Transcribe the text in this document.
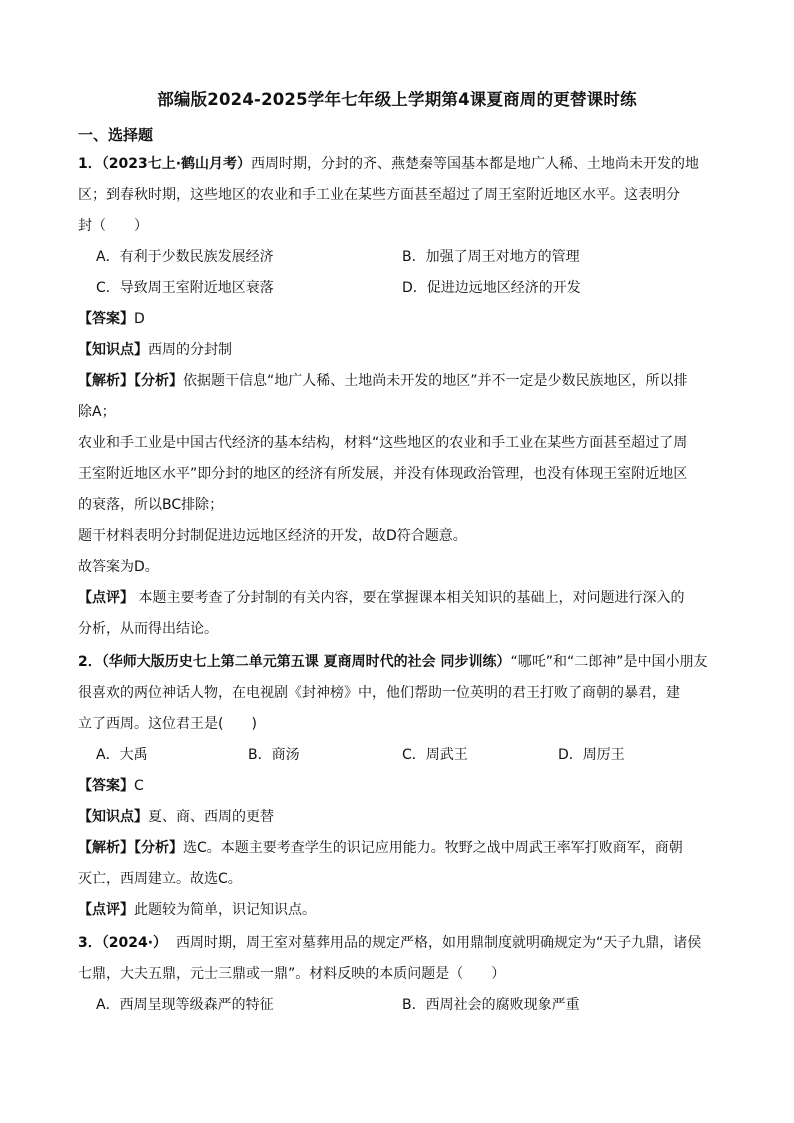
部编版2024-2025学年七年级上学期第4课夏商周的更替课时练
一、选择题
1．（2023七上·鹤山月考）西周时期，分封的齐、燕楚秦等国基本都是地广人稀、土地尚未开发的地
区；到春秋时期，这些地区的农业和手工业在某些方面甚至超过了周王室附近地区水平。这表明分
封（　　）
A．有利于少数民族发展经济	B．加强了周王对地方的管理
C．导致周王室附近地区衰落	D．促进边远地区经济的开发
【答案】D
【知识点】西周的分封制
【解析】【分析】依据题干信息“地广人稀、土地尚未开发的地区”并不一定是少数民族地区，所以排
除A；
农业和手工业是中国古代经济的基本结构，材料“这些地区的农业和手工业在某些方面甚至超过了周
王室附近地区水平”即分封的地区的经济有所发展，并没有体现政治管理，也没有体现王室附近地区
的衰落，所以BC排除；
题干材料表明分封制促进边远地区经济的开发，故D符合题意。
故答案为D。
【点评】 本题主要考查了分封制的有关内容，要在掌握课本相关知识的基础上，对问题进行深入的
分析，从而得出结论。
2．（华师大版历史七上第二单元第五课 夏商周时代的社会 同步训练）“哪吒”和“二郎神”是中国小朋友
很喜欢的两位神话人物，在电视剧《封神榜》中，他们帮助一位英明的君王打败了商朝的暴君，建
立了西周。这位君王是(　　)
A．大禹	B．商汤	C．周武王	D．周厉王
【答案】C
【知识点】夏、商、西周的更替
【解析】【分析】选C。本题主要考查学生的识记应用能力。牧野之战中周武王率军打败商军，商朝
灭亡，西周建立。故选C。
【点评】此题较为简单，识记知识点。
3．（2024·） 西周时期，周王室对墓葬用品的规定严格，如用鼎制度就明确规定为“天子九鼎，诸侯
七鼎，大夫五鼎，元士三鼎或一鼎”。材料反映的本质问题是（　　）
A．西周呈现等级森严的特征	B．西周社会的腐败现象严重
